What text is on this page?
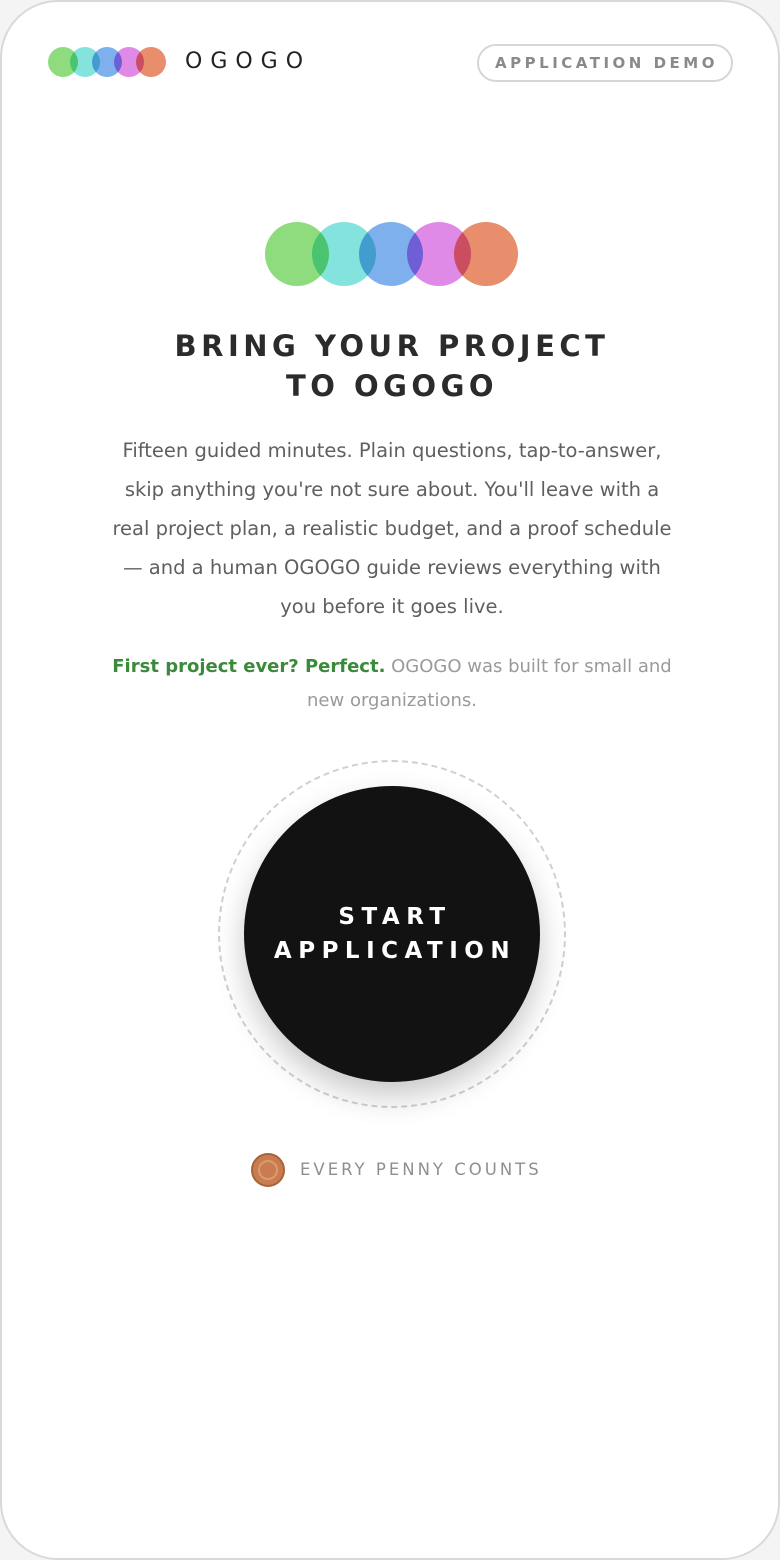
OGOGO	APPLICATION DEMO
BRING YOUR PROJECT
TO OGOGO
Fifteen guided minutes. Plain questions, tap-to-answer, skip anything you're not sure about. You'll leave with a real project plan, a realistic budget, and a proof schedule — and a human OGOGO guide reviews everything with you before it goes live.
First project ever? Perfect. OGOGO was built for small and new organizations.
START
APPLICATION
EVERY PENNY COUNTS
